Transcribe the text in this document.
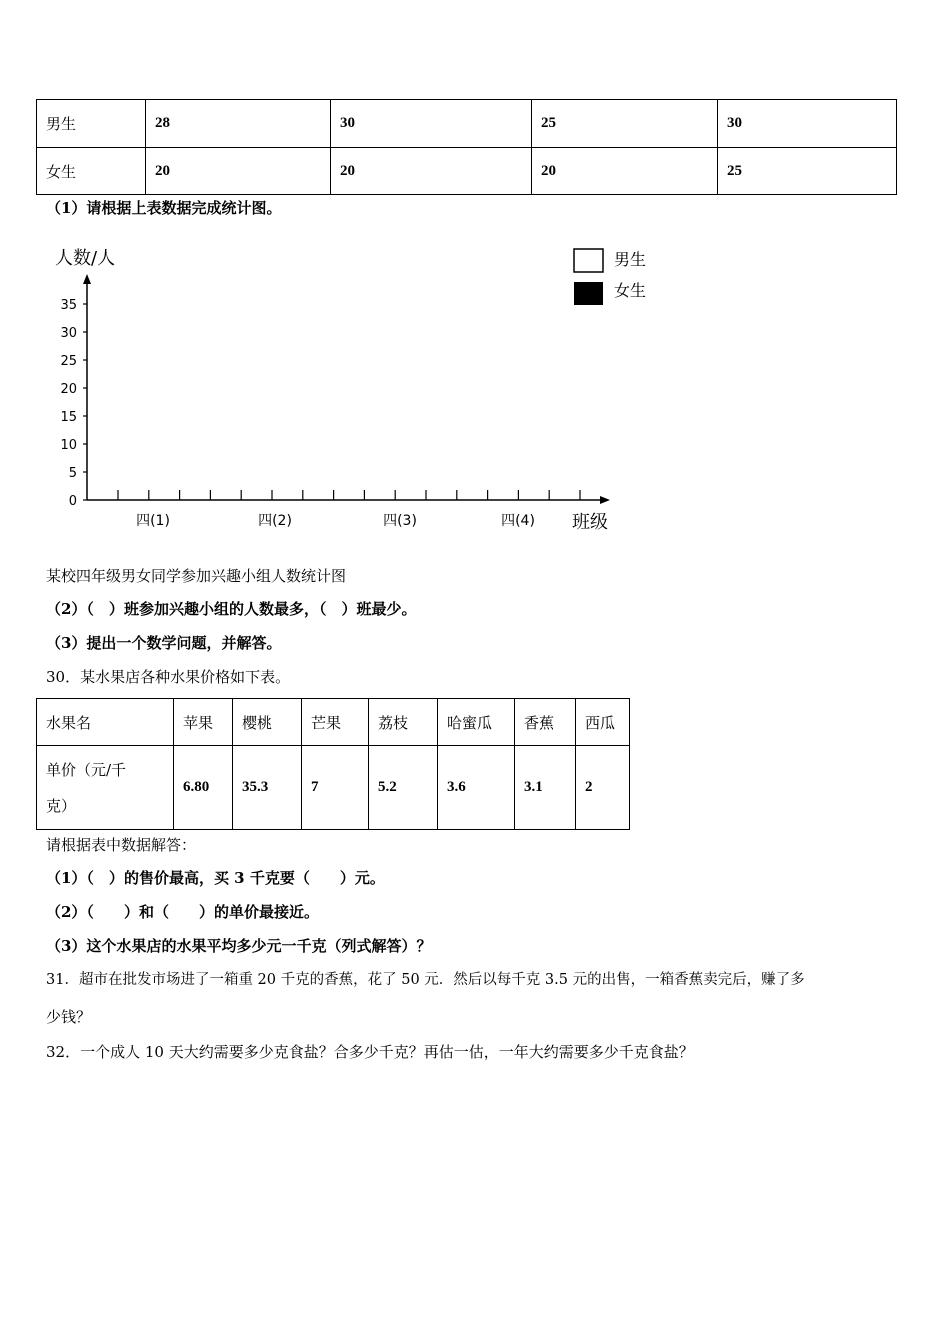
男生	28	30	25	30
女生	20	20	20	25
（1）请根据上表数据完成统计图。
人数/人
班级
0
5
10
15
20
25
30
35
四(1)	四(2)	四(3)	四(4)
男生
女生
某校四年级男女同学参加兴趣小组人数统计图
（2）（　）班参加兴趣小组的人数最多，（　）班最少。
（3）提出一个数学问题，并解答。
30．某水果店各种水果价格如下表。
水果名	苹果	樱桃	芒果	荔枝	哈蜜瓜	香蕉	西瓜
单价（元/千
克）	6.80	35.3	7	5.2	3.6	3.1	2
请根据表中数据解答：
（1）（　）的售价最高，买 3 千克要（　　）元。
（2）（　　）和（　　）的单价最接近。
（3）这个水果店的水果平均多少元一千克（列式解答）？
31．超市在批发市场进了一箱重 20 千克的香蕉，花了 50 元．然后以每千克 3.5 元的出售，一箱香蕉卖完后，赚了多
少钱？
32．一个成人 10 天大约需要多少克食盐？合多少千克？再估一估，一年大约需要多少千克食盐？
